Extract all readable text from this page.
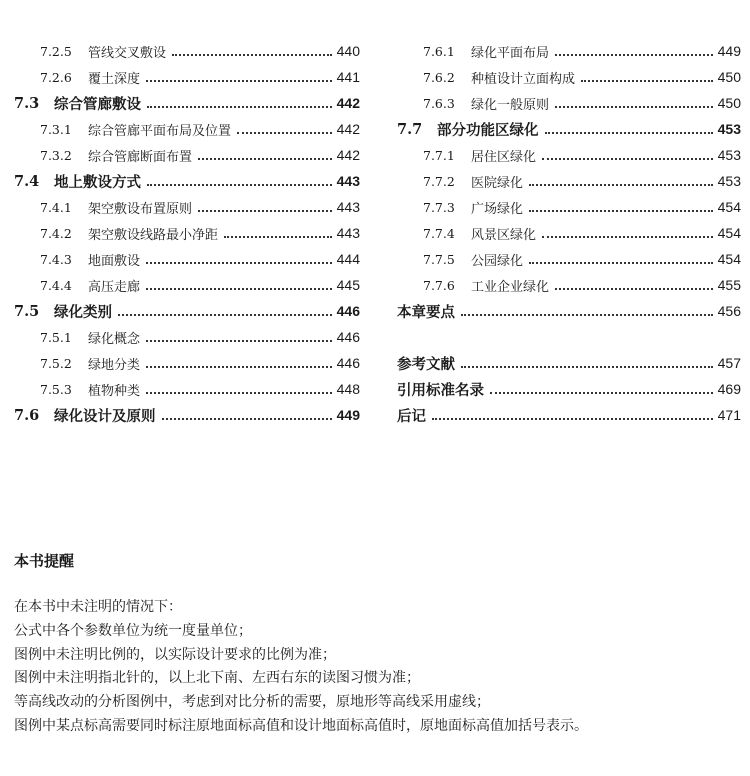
7.2.5	管线交叉敷设	440
7.2.6	覆土深度	441
7.3	综合管廊敷设	442
7.3.1	综合管廊平面布局及位置	442
7.3.2	综合管廊断面布置	442
7.4	地上敷设方式	443
7.4.1	架空敷设布置原则	443
7.4.2	架空敷设线路最小净距	443
7.4.3	地面敷设	444
7.4.4	高压走廊	445
7.5	绿化类别	446
7.5.1	绿化概念	446
7.5.2	绿地分类	446
7.5.3	植物种类	448
7.6	绿化设计及原则	449
7.6.1	绿化平面布局	449
7.6.2	种植设计立面构成	450
7.6.3	绿化一般原则	450
7.7	部分功能区绿化	453
7.7.1	居住区绿化	453
7.7.2	医院绿化	453
7.7.3	广场绿化	454
7.7.4	风景区绿化	454
7.7.5	公园绿化	454
7.7.6	工业企业绿化	455
本章要点	456
参考文献	457
引用标准名录	469
后记	471
本书提醒
在本书中未注明的情况下：
公式中各个参数单位为统一度量单位；
图例中未注明比例的，以实际设计要求的比例为准；
图例中未注明指北针的，以上北下南、左西右东的读图习惯为准；
等高线改动的分析图例中，考虑到对比分析的需要，原地形等高线采用虚线；
图例中某点标高需要同时标注原地面标高值和设计地面标高值时，原地面标高值加括号表示。
